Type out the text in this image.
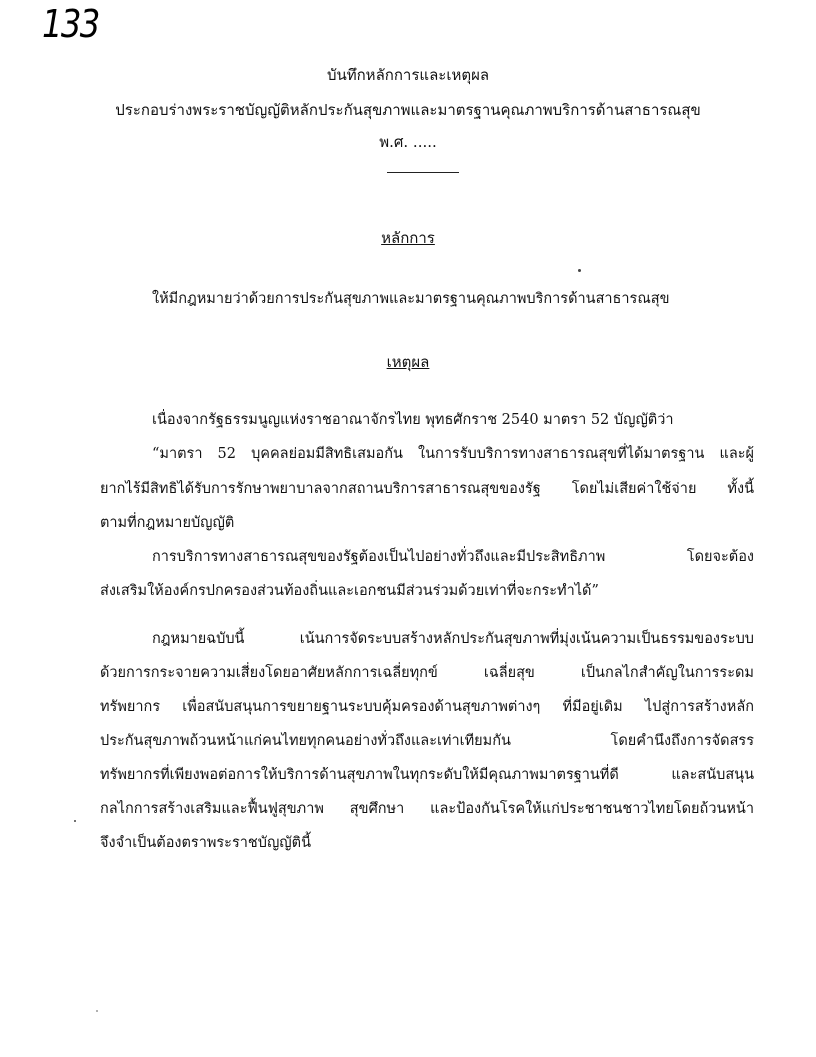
133
บันทึกหลักการและเหตุผล
ประกอบร่างพระราชบัญญัติหลักประกันสุขภาพและมาตรฐานคุณภาพบริการด้านสาธารณสุข
พ.ศ. .....
หลักการ
ให้มีกฎหมายว่าด้วยการประกันสุขภาพและมาตรฐานคุณภาพบริการด้านสาธารณสุข
เหตุผล
เนื่องจากรัฐธรรมนูญแห่งราชอาณาจักรไทย พุทธศักราช 2540 มาตรา 52 บัญญัติว่า
“มาตรา 52 บุคคลย่อมมีสิทธิเสมอกัน ในการรับบริการทางสาธารณสุขที่ได้มาตรฐาน และผู้
ยากไร้มีสิทธิได้รับการรักษาพยาบาลจากสถานบริการสาธารณสุขของรัฐ โดยไม่เสียค่าใช้จ่าย ทั้งนี้
ตามที่กฎหมายบัญญัติ
การบริการทางสาธารณสุขของรัฐต้องเป็นไปอย่างทั่วถึงและมีประสิทธิภาพ โดยจะต้อง
ส่งเสริมให้องค์กรปกครองส่วนท้องถิ่นและเอกชนมีส่วนร่วมด้วยเท่าที่จะกระทำได้”
กฎหมายฉบับนี้ เน้นการจัดระบบสร้างหลักประกันสุขภาพที่มุ่งเน้นความเป็นธรรมของระบบ
ด้วยการกระจายความเสี่ยงโดยอาศัยหลักการเฉลี่ยทุกข์ เฉลี่ยสุข เป็นกลไกสำคัญในการระดม
ทรัพยากร เพื่อสนับสนุนการขยายฐานระบบคุ้มครองด้านสุขภาพต่างๆ ที่มีอยู่เดิม ไปสู่การสร้างหลัก
ประกันสุขภาพถ้วนหน้าแก่คนไทยทุกคนอย่างทั่วถึงและเท่าเทียมกัน โดยคำนึงถึงการจัดสรร
ทรัพยากรที่เพียงพอต่อการให้บริการด้านสุขภาพในทุกระดับให้มีคุณภาพมาตรฐานที่ดี และสนับสนุน
กลไกการสร้างเสริมและฟื้นฟูสุขภาพ สุขศึกษา และป้องกันโรคให้แก่ประชาชนชาวไทยโดยถ้วนหน้า
จึงจำเป็นต้องตราพระราชบัญญัตินี้
